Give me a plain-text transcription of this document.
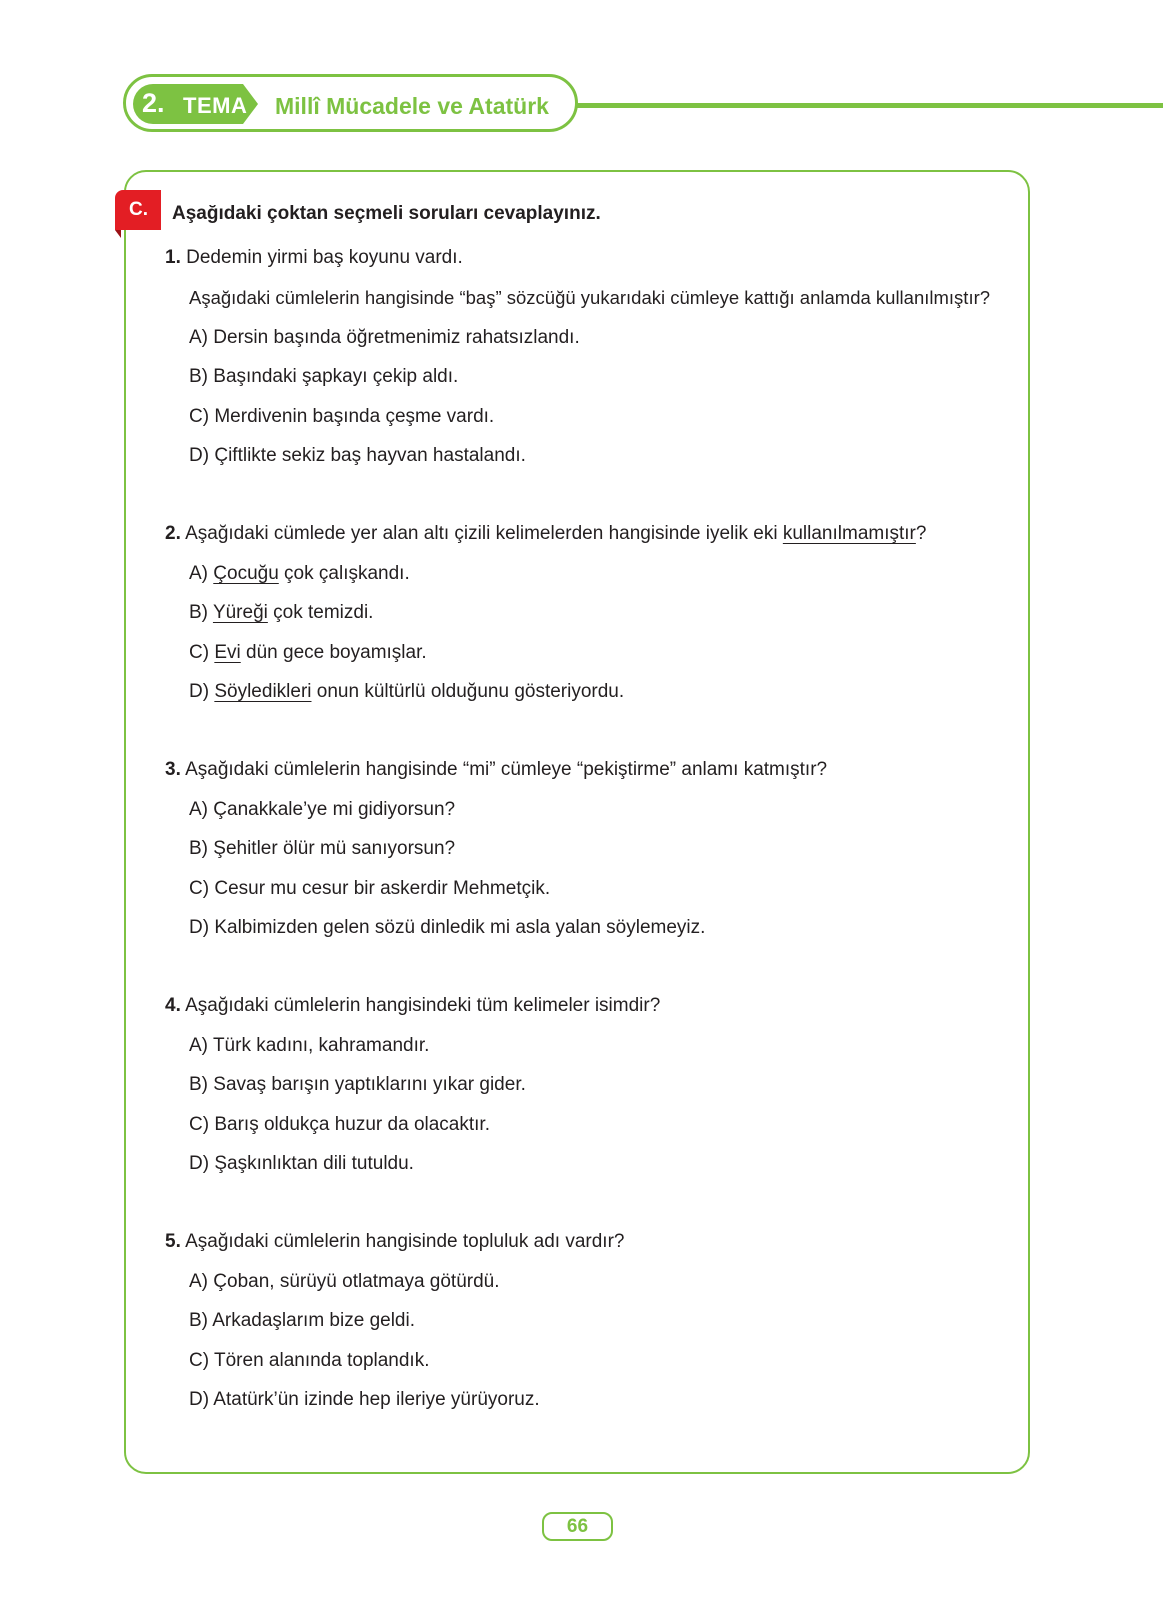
2. TEMA Millî Mücadele ve Atatürk
C.	Aşağıdaki çoktan seçmeli soruları cevaplayınız.
1. Dedemin yirmi baş koyunu vardı.
Aşağıdaki cümlelerin hangisinde “baş” sözcüğü yukarıdaki cümleye kattığı anlamda kullanılmıştır?
A) Dersin başında öğretmenimiz rahatsızlandı.
B) Başındaki şapkayı çekip aldı.
C) Merdivenin başında çeşme vardı.
D) Çiftlikte sekiz baş hayvan hastalandı.
2. Aşağıdaki cümlede yer alan altı çizili kelimelerden hangisinde iyelik eki kullanılmamıştır?
A) Çocuğu çok çalışkandı.
B) Yüreği çok temizdi.
C) Evi dün gece boyamışlar.
D) Söyledikleri onun kültürlü olduğunu gösteriyordu.
3. Aşağıdaki cümlelerin hangisinde “mi” cümleye “pekiştirme” anlamı katmıştır?
A) Çanakkale’ye mi gidiyorsun?
B) Şehitler ölür mü sanıyorsun?
C) Cesur mu cesur bir askerdir Mehmetçik.
D) Kalbimizden gelen sözü dinledik mi asla yalan söylemeyiz.
4. Aşağıdaki cümlelerin hangisindeki tüm kelimeler isimdir?
A) Türk kadını, kahramandır.
B) Savaş barışın yaptıklarını yıkar gider.
C) Barış oldukça huzur da olacaktır.
D) Şaşkınlıktan dili tutuldu.
5. Aşağıdaki cümlelerin hangisinde topluluk adı vardır?
A) Çoban, sürüyü otlatmaya götürdü.
B) Arkadaşlarım bize geldi.
C) Tören alanında toplandık.
D) Atatürk’ün izinde hep ileriye yürüyoruz.
66
